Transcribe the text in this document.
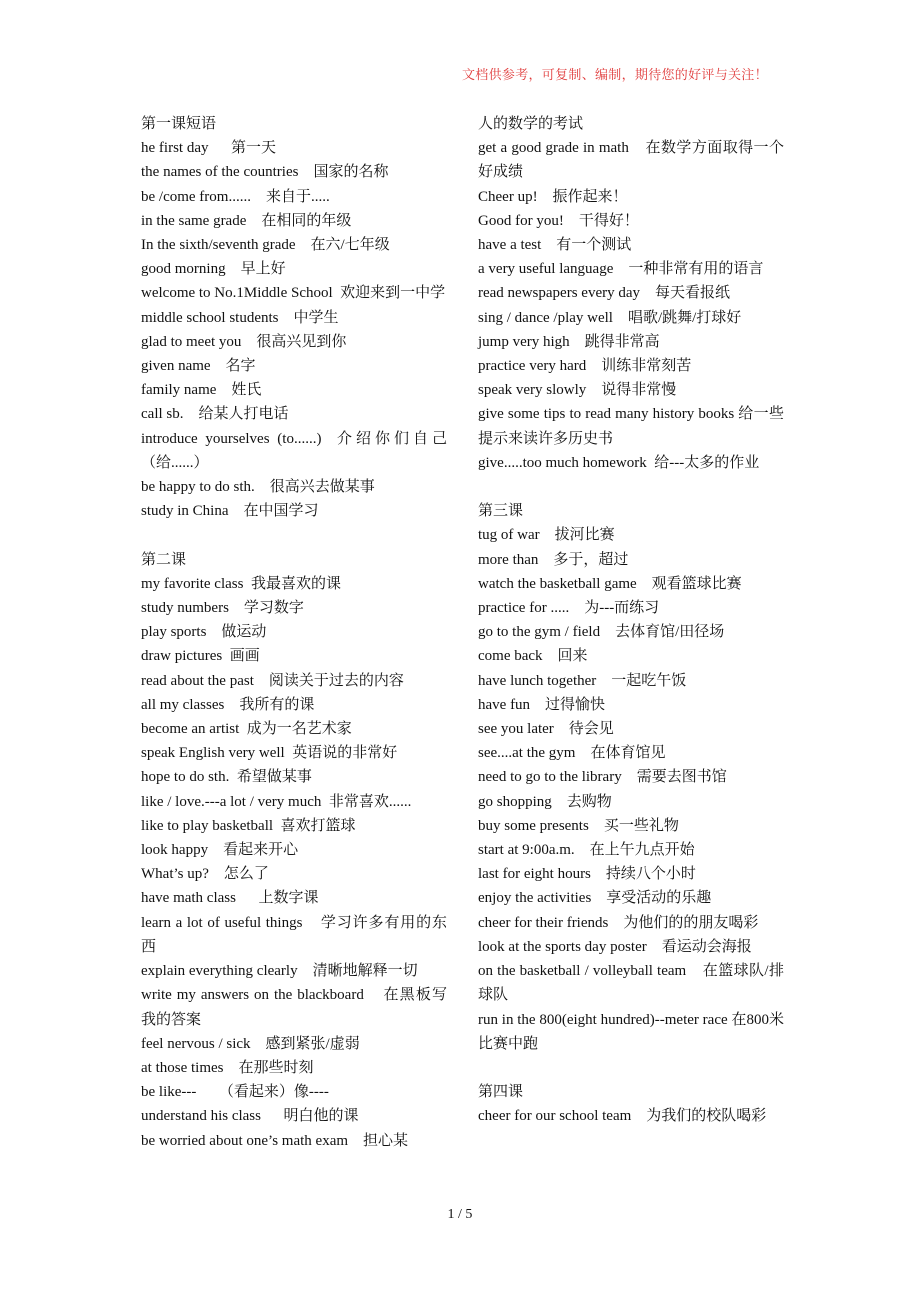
文档供参考，可复制、编制，期待您的好评与关注！
第一课短语
he first day      第一天
the names of the countries    国家的名称
be /come from......    来自于.....
in the same grade    在相同的年级
In the sixth/seventh grade    在六/七年级
good morning    早上好
welcome to No.1Middle School  欢迎来到一中学
middle school students    中学生
glad to meet you    很高兴见到你
given name    名字
family name    姓氏
call sb.    给某人打电话
introduce yourselves (to......)  介绍你们自己（给......）
be happy to do sth.    很高兴去做某事
study in China    在中国学习
第二课
my favorite class  我最喜欢的课
study numbers    学习数字
play sports    做运动
draw pictures  画画
read about the past    阅读关于过去的内容
all my classes    我所有的课
become an artist  成为一名艺术家
speak English very well  英语说的非常好
hope to do sth.  希望做某事
like / love.---a lot / very much  非常喜欢......
like to play basketball  喜欢打篮球
look happy    看起来开心
What’s up?    怎么了
have math class      上数字课
learn a lot of useful things    学习许多有用的东西
explain everything clearly    清晰地解释一切
write my answers on the blackboard    在黑板写我的答案
feel nervous / sick    感到紧张/虚弱
at those times    在那些时刻
be like---      （看起来）像----
understand his class      明白他的课
be worried about one’s math exam    担心某
人的数学的考试
get a good grade in math    在数学方面取得一个好成绩
Cheer up!    振作起来！
Good for you!    干得好！
have a test    有一个测试
a very useful language    一种非常有用的语言
read newspapers every day    每天看报纸
sing / dance /play well    唱歌/跳舞/打球好
jump very high    跳得非常高
practice very hard    训练非常刻苦
speak very slowly    说得非常慢
give some tips to read many history books 给一些提示来读许多历史书
give.....too much homework  给---太多的作业
第三课
tug of war    拔河比赛
more than    多于，超过
watch the basketball game    观看篮球比赛
practice for .....    为---而练习
go to the gym / field    去体育馆/田径场
come back    回来
have lunch together    一起吃午饭
have fun    过得愉快
see you later    待会见
see....at the gym    在体育馆见
need to go to the library    需要去图书馆
go shopping    去购物
buy some presents    买一些礼物
start at 9:00a.m.    在上午九点开始
last for eight hours    持续八个小时
enjoy the activities    享受活动的乐趣
cheer for their friends    为他们的的朋友喝彩
look at the sports day poster    看运动会海报
on the basketball / volleyball team    在篮球队/排球队
run in the 800(eight hundred)--meter race 在800米比赛中跑
第四课
cheer for our school team    为我们的校队喝彩
1 / 5
